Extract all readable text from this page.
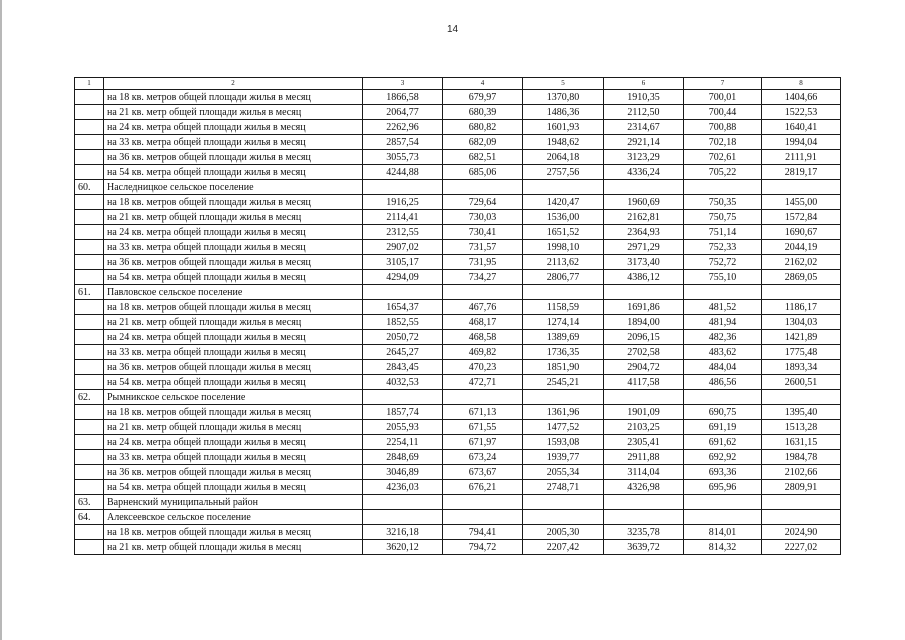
14
1	2	3	4	5	6	7	8
	на 18 кв. метров общей площади жилья в месяц	1866,58	679,97	1370,80	1910,35	700,01	1404,66
	на 21 кв. метр общей площади жилья в месяц	2064,77	680,39	1486,36	2112,50	700,44	1522,53
	на 24 кв. метра общей площади жилья в месяц	2262,96	680,82	1601,93	2314,67	700,88	1640,41
	на 33 кв. метра общей площади жилья в месяц	2857,54	682,09	1948,62	2921,14	702,18	1994,04
	на 36 кв. метров общей площади жилья в месяц	3055,73	682,51	2064,18	3123,29	702,61	2111,91
	на 54 кв. метра общей площади жилья в месяц	4244,88	685,06	2757,56	4336,24	705,22	2819,17
60.	Наследницкое сельское поселение						
	на 18 кв. метров общей площади жилья в месяц	1916,25	729,64	1420,47	1960,69	750,35	1455,00
	на 21 кв. метр общей площади жилья в месяц	2114,41	730,03	1536,00	2162,81	750,75	1572,84
	на 24 кв. метра общей площади жилья в месяц	2312,55	730,41	1651,52	2364,93	751,14	1690,67
	на 33 кв. метра общей площади жилья в месяц	2907,02	731,57	1998,10	2971,29	752,33	2044,19
	на 36 кв. метров общей площади жилья в месяц	3105,17	731,95	2113,62	3173,40	752,72	2162,02
	на 54 кв. метра общей площади жилья в месяц	4294,09	734,27	2806,77	4386,12	755,10	2869,05
61.	Павловское сельское поселение						
	на 18 кв. метров общей площади жилья в месяц	1654,37	467,76	1158,59	1691,86	481,52	1186,17
	на 21 кв. метр общей площади жилья в месяц	1852,55	468,17	1274,14	1894,00	481,94	1304,03
	на 24 кв. метра общей площади жилья в месяц	2050,72	468,58	1389,69	2096,15	482,36	1421,89
	на 33 кв. метра общей площади жилья в месяц	2645,27	469,82	1736,35	2702,58	483,62	1775,48
	на 36 кв. метров общей площади жилья в месяц	2843,45	470,23	1851,90	2904,72	484,04	1893,34
	на 54 кв. метра общей площади жилья в месяц	4032,53	472,71	2545,21	4117,58	486,56	2600,51
62.	Рымникское сельское поселение						
	на 18 кв. метров общей площади жилья в месяц	1857,74	671,13	1361,96	1901,09	690,75	1395,40
	на 21 кв. метр общей площади жилья в месяц	2055,93	671,55	1477,52	2103,25	691,19	1513,28
	на 24 кв. метра общей площади жилья в месяц	2254,11	671,97	1593,08	2305,41	691,62	1631,15
	на 33 кв. метра общей площади жилья в месяц	2848,69	673,24	1939,77	2911,88	692,92	1984,78
	на 36 кв. метров общей площади жилья в месяц	3046,89	673,67	2055,34	3114,04	693,36	2102,66
	на 54 кв. метра общей площади жилья в месяц	4236,03	676,21	2748,71	4326,98	695,96	2809,91
63.	Варненский муниципальный район						
64.	Алексеевское сельское поселение						
	на 18 кв. метров общей площади жилья в месяц	3216,18	794,41	2005,30	3235,78	814,01	2024,90
	на 21 кв. метр общей площади жилья в месяц	3620,12	794,72	2207,42	3639,72	814,32	2227,02
